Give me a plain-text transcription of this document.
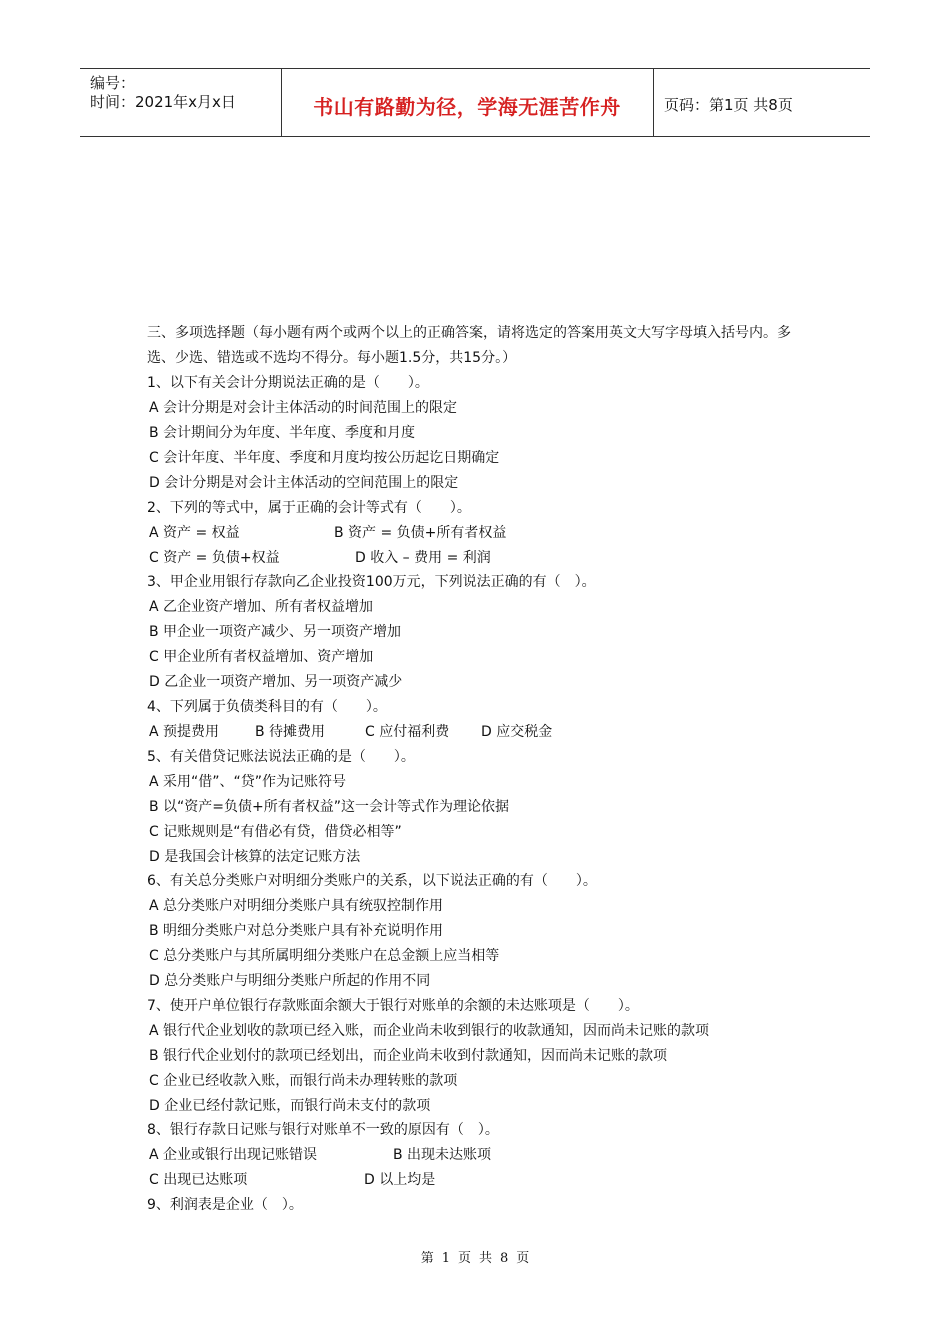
编号：
时间：2021年x月x日	书山有路勤为径，学海无涯苦作舟	页码：第1页 共8页
三、多项选择题（每小题有两个或两个以上的正确答案，请将选定的答案用英文大写字母填入括号内。多
选、少选、错选或不选均不得分。每小题1.5分，共15分。）
1、以下有关会计分期说法正确的是（　　）。
A 会计分期是对会计主体活动的时间范围上的限定
B 会计期间分为年度、半年度、季度和月度
C 会计年度、半年度、季度和月度均按公历起讫日期确定
D 会计分期是对会计主体活动的空间范围上的限定
2、下列的等式中，属于正确的会计等式有（　　）。
A 资产 = 权益	B 资产 = 负债+所有者权益
C 资产 = 负债+权益	D 收入 – 费用 = 利润
3、甲企业用银行存款向乙企业投资100万元，下列说法正确的有（　）。
A 乙企业资产增加、所有者权益增加
B 甲企业一项资产减少、另一项资产增加
C 甲企业所有者权益增加、资产增加
D 乙企业一项资产增加、另一项资产减少
4、下列属于负债类科目的有（　　）。
A 预提费用	B 待摊费用	C 应付福利费 D 应交税金
5、有关借贷记账法说法正确的是（　　）。
A 采用“借”、“贷”作为记账符号
B 以“资产=负债+所有者权益”这一会计等式作为理论依据
C 记账规则是“有借必有贷，借贷必相等”
D 是我国会计核算的法定记账方法
6、有关总分类账户对明细分类账户的关系，以下说法正确的有（　　）。
A 总分类账户对明细分类账户具有统驭控制作用
B 明细分类账户对总分类账户具有补充说明作用
C 总分类账户与其所属明细分类账户在总金额上应当相等
D 总分类账户与明细分类账户所起的作用不同
7、使开户单位银行存款账面余额大于银行对账单的余额的未达账项是（　　）。
A 银行代企业划收的款项已经入账，而企业尚未收到银行的收款通知，因而尚未记账的款项
B 银行代企业划付的款项已经划出，而企业尚未收到付款通知，因而尚未记账的款项
C 企业已经收款入账，而银行尚未办理转账的款项
D 企业已经付款记账，而银行尚未支付的款项
8、银行存款日记账与银行对账单不一致的原因有（　）。
A 企业或银行出现记账错误	B 出现未达账项
C 出现已达账项	D 以上均是
9、利润表是企业（　）。
第 1 页 共 8 页
